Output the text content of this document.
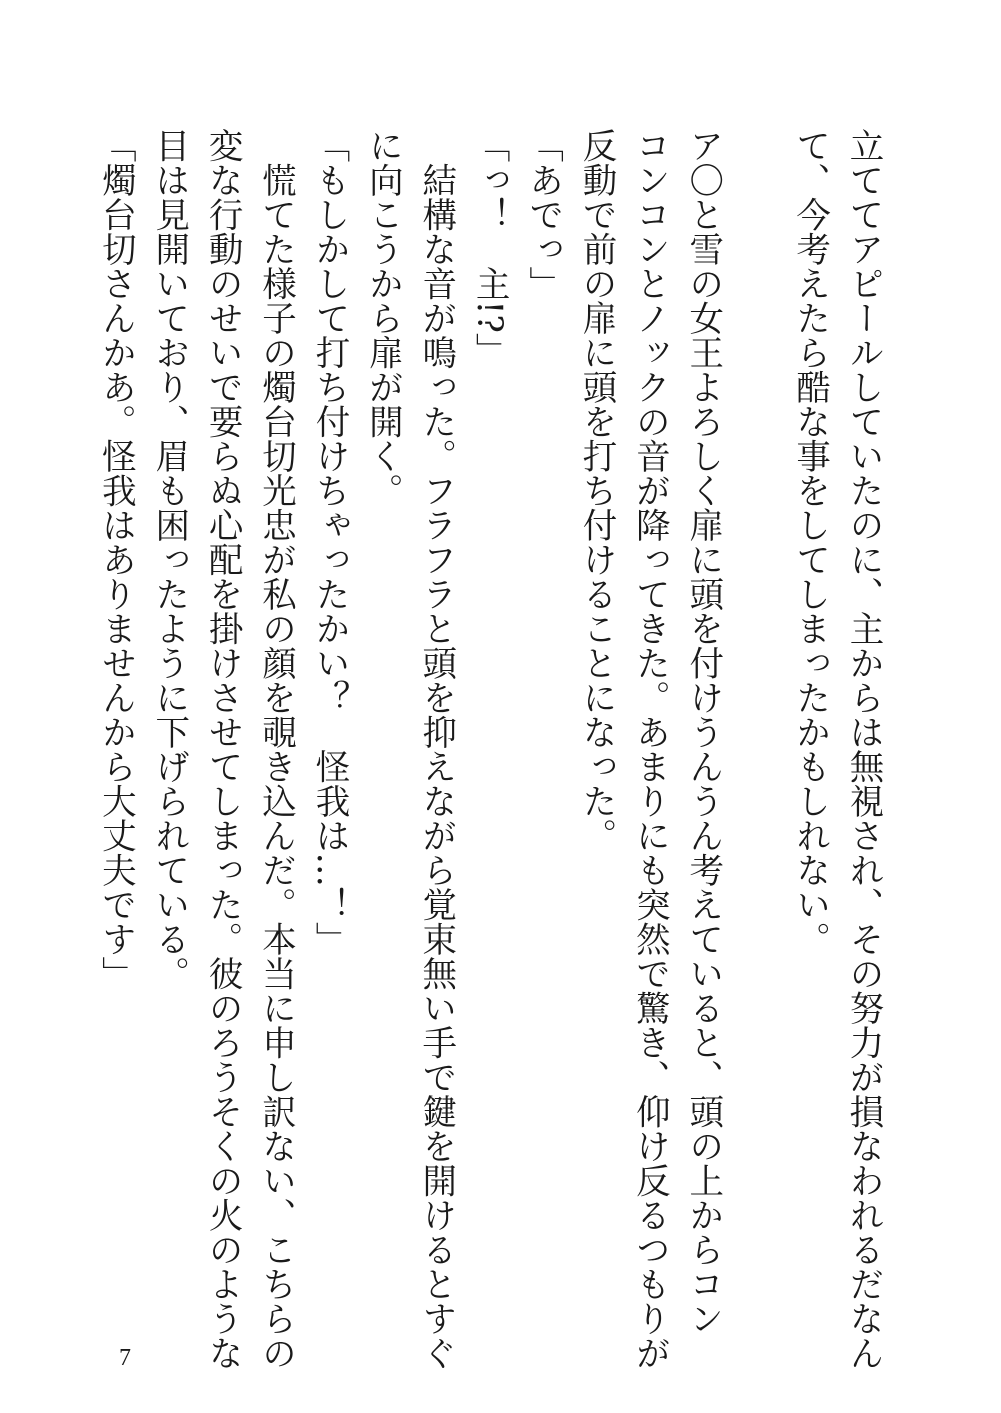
立ててアピールしていたのに、主からは無視され、その努力が損なわれるだなん
て、今考えたら酷な事をしてしまったかもしれない。

ア〇と雪の女王よろしく扉に頭を付けうんうん考えていると、頭の上からコン
コンコンとノックの音が降ってきた。あまりにも突然で驚き、仰け反るつもりが
反動で前の扉に頭を打ち付けることになった。
「あでっ」
「っ！　主!?」
　結構な音が鳴った。フラフラと頭を抑えながら覚束無い手で鍵を開けるとすぐ
に向こうから扉が開く。
「もしかして打ち付けちゃったかい？　怪我は…！」
　慌てた様子の燭台切光忠が私の顔を覗き込んだ。本当に申し訳ない、こちらの
変な行動のせいで要らぬ心配を掛けさせてしまった。彼のろうそくの火のような
目は見開いており、眉も困ったように下げられている。
「燭台切さんかあ。怪我はありませんから大丈夫です」
7
